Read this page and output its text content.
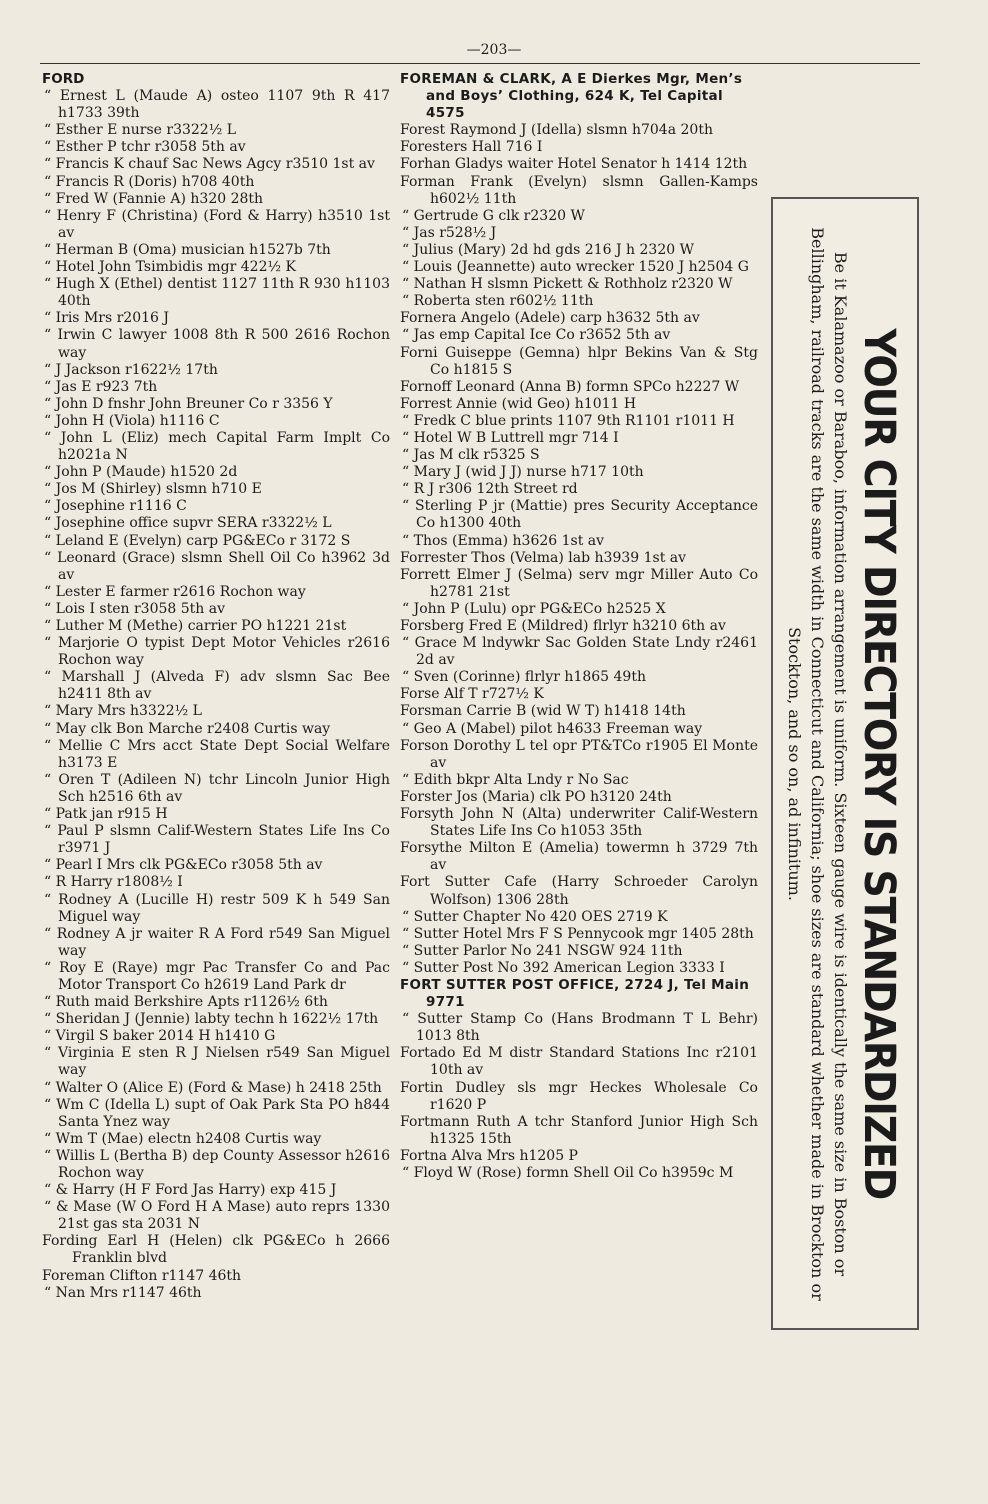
—203—
FORD
“ Ernest L (Maude A) osteo 1107 9th R 417 h1733 39th
“ Esther E nurse r3322½ L
“ Esther P tchr r3058 5th av
“ Francis K chauf Sac News Agcy r3510 1st av
“ Francis R (Doris) h708 40th
“ Fred W (Fannie A) h320 28th
“ Henry F (Christina) (Ford & Harry) h3510 1st av
“ Herman B (Oma) musician h1527b 7th
“ Hotel John Tsimbidis mgr 422½ K
“ Hugh X (Ethel) dentist 1127 11th R 930 h1103 40th
“ Iris Mrs r2016 J
“ Irwin C lawyer 1008 8th R 500 2616 Rochon way
“ J Jackson r1622½ 17th
“ Jas E r923 7th
“ John D fnshr John Breuner Co r 3356 Y
“ John H (Viola) h1116 C
“ John L (Eliz) mech Capital Farm Implt Co h2021a N
“ John P (Maude) h1520 2d
“ Jos M (Shirley) slsmn h710 E
“ Josephine r1116 C
“ Josephine office supvr SERA r3322½ L
“ Leland E (Evelyn) carp PG&ECo r 3172 S
“ Leonard (Grace) slsmn Shell Oil Co h3962 3d av
“ Lester E farmer r2616 Rochon way
“ Lois I sten r3058 5th av
“ Luther M (Methe) carrier PO h1221 21st
“ Marjorie O typist Dept Motor Vehicles r2616 Rochon way
“ Marshall J (Alveda F) adv slsmn Sac Bee h2411 8th av
“ Mary Mrs h3322½ L
“ May clk Bon Marche r2408 Curtis way
“ Mellie C Mrs acct State Dept Social Welfare h3173 E
“ Oren T (Adileen N) tchr Lincoln Junior High Sch h2516 6th av
“ Patk jan r915 H
“ Paul P slsmn Calif-Western States Life Ins Co r3971 J
“ Pearl I Mrs clk PG&ECo r3058 5th av
“ R Harry r1808½ I
“ Rodney A (Lucille H) restr 509 K h 549 San Miguel way
“ Rodney A jr waiter R A Ford r549 San Miguel way
“ Roy E (Raye) mgr Pac Transfer Co and Pac Motor Transport Co h2619 Land Park dr
“ Ruth maid Berkshire Apts r1126½ 6th
“ Sheridan J (Jennie) labty techn h 1622½ 17th
“ Virgil S baker 2014 H h1410 G
“ Virginia E sten R J Nielsen r549 San Miguel way
“ Walter O (Alice E) (Ford & Mase) h 2418 25th
“ Wm C (Idella L) supt of Oak Park Sta PO h844 Santa Ynez way
“ Wm T (Mae) electn h2408 Curtis way
“ Willis L (Bertha B) dep County Assessor h2616 Rochon way
“ & Harry (H F Ford Jas Harry) exp 415 J
“ & Mase (W O Ford H A Mase) auto reprs 1330 21st gas sta 2031 N
Fording Earl H (Helen) clk PG&ECo h 2666 Franklin blvd
Foreman Clifton r1147 46th
“ Nan Mrs r1147 46th
FOREMAN & CLARK, A E Dierkes Mgr, Men’s and Boys’ Clothing, 624 K, Tel Capital 4575
Forest Raymond J (Idella) slsmn h704a 20th
Foresters Hall 716 I
Forhan Gladys waiter Hotel Senator h 1414 12th
Forman Frank (Evelyn) slsmn Gallen-Kamps h602½ 11th
“ Gertrude G clk r2320 W
“ Jas r528½ J
“ Julius (Mary) 2d hd gds 216 J h 2320 W
“ Louis (Jeannette) auto wrecker 1520 J h2504 G
“ Nathan H slsmn Pickett & Rothholz r2320 W
“ Roberta sten r602½ 11th
Fornera Angelo (Adele) carp h3632 5th av
“ Jas emp Capital Ice Co r3652 5th av
Forni Guiseppe (Gemna) hlpr Bekins Van & Stg Co h1815 S
Fornoff Leonard (Anna B) formn SPCo h2227 W
Forrest Annie (wid Geo) h1011 H
“ Fredk C blue prints 1107 9th R1101 r1011 H
“ Hotel W B Luttrell mgr 714 I
“ Jas M clk r5325 S
“ Mary J (wid J J) nurse h717 10th
“ R J r306 12th Street rd
“ Sterling P jr (Mattie) pres Security Acceptance Co h1300 40th
“ Thos (Emma) h3626 1st av
Forrester Thos (Velma) lab h3939 1st av
Forrett Elmer J (Selma) serv mgr Miller Auto Co h2781 21st
“ John P (Lulu) opr PG&ECo h2525 X
Forsberg Fred E (Mildred) flrlyr h3210 6th av
“ Grace M lndywkr Sac Golden State Lndy r2461 2d av
“ Sven (Corinne) flrlyr h1865 49th
Forse Alf T r727½ K
Forsman Carrie B (wid W T) h1418 14th
“ Geo A (Mabel) pilot h4633 Freeman way
Forson Dorothy L tel opr PT&TCo r1905 El Monte av
“ Edith bkpr Alta Lndy r No Sac
Forster Jos (Maria) clk PO h3120 24th
Forsyth John N (Alta) underwriter Calif-Western States Life Ins Co h1053 35th
Forsythe Milton E (Amelia) towermn h 3729 7th av
Fort Sutter Cafe (Harry Schroeder Carolyn Wolfson) 1306 28th
“ Sutter Chapter No 420 OES 2719 K
“ Sutter Hotel Mrs F S Pennycook mgr 1405 28th
“ Sutter Parlor No 241 NSGW 924 11th
“ Sutter Post No 392 American Legion 3333 I
FORT SUTTER POST OFFICE, 2724 J, Tel Main 9771
“ Sutter Stamp Co (Hans Brodmann T L Behr) 1013 8th
Fortado Ed M distr Standard Stations Inc r2101 10th av
Fortin Dudley sls mgr Heckes Wholesale Co r1620 P
Fortmann Ruth A tchr Stanford Junior High Sch h1325 15th
Fortna Alva Mrs h1205 P
“ Floyd W (Rose) formn Shell Oil Co h3959c M	YOUR CITY DIRECTORY IS STANDARDIZED
Be it Kalamazoo or Baraboo, information arrangement is uniform. Sixteen gauge wire is identically the same size in Boston or Bellingham, railroad tracks are the same width in Connecticut and California; shoe sizes are standard whether made in Brockton or Stockton, and so on, ad infinitum.
